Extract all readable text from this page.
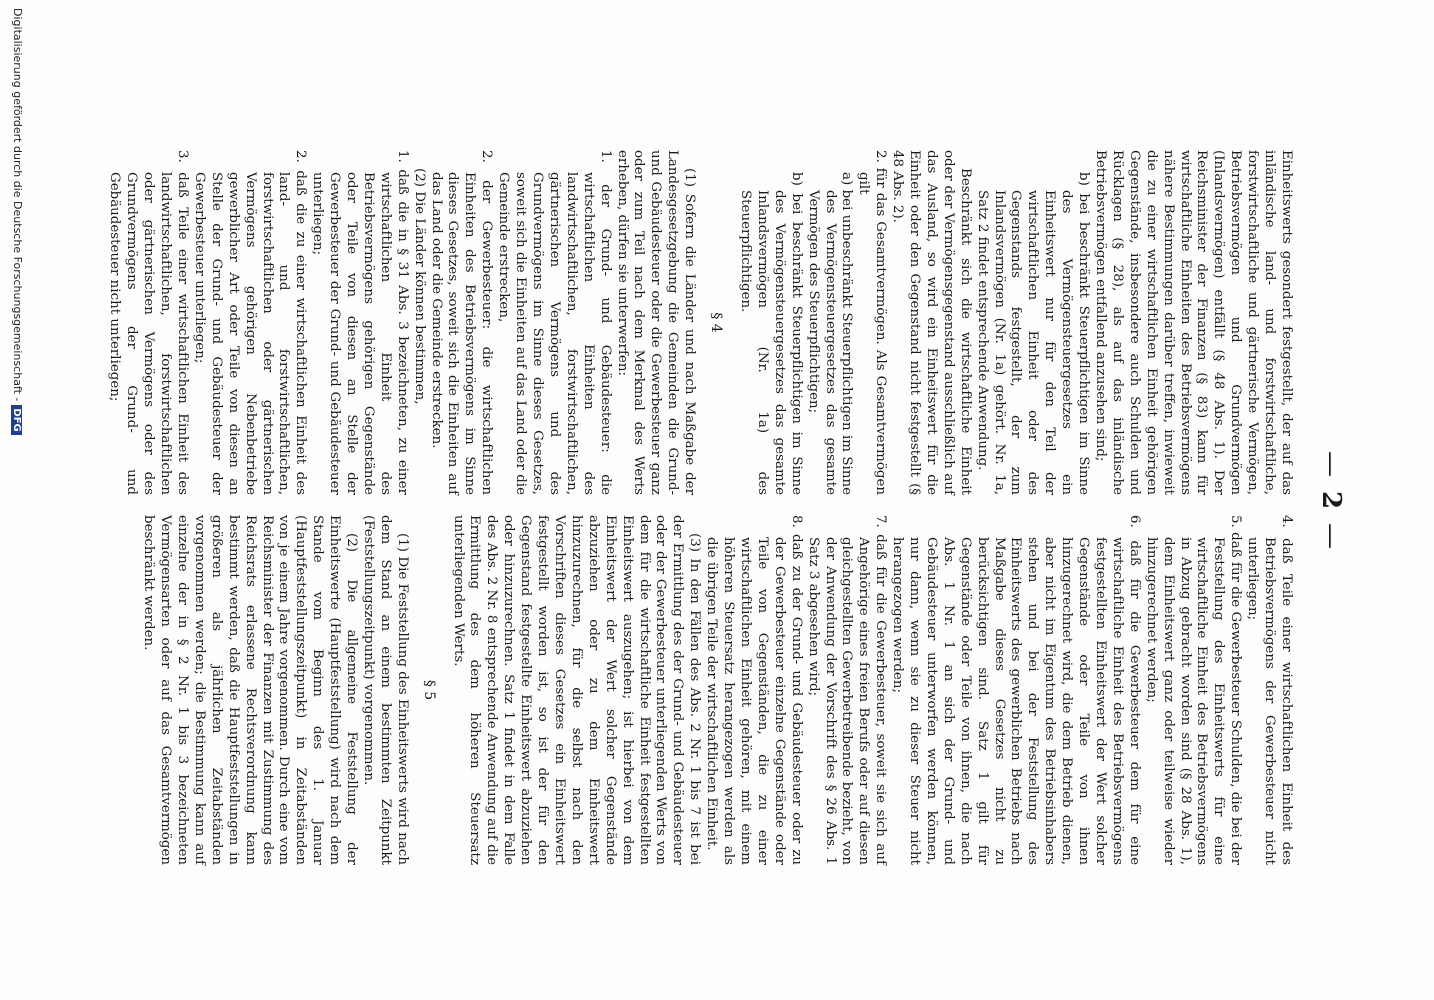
—2—

Einheitswerts gesondert festgestellt, der auf das inländische land- und forstwirtschaftliche, forstwirtschaftliche und gärtnerische Vermögen, Betriebsvermögen und Grundvermögen (Inlandsvermögen) entfällt (§ 48 Abs. 1). Der Reichsminister der Finanzen (§ 83) kann für wirtschaftliche Einheiten des Betriebsvermögens nähere Bestimmungen darüber treffen, inwieweit die zu einer wirtschaftlichen Einheit gehörigen Gegenstände, insbesondere auch Schulden und Rücklagen (§ 28), als auf das inländische Betriebsvermögen entfallend anzusehen sind;

b) bei beschränkt Steuerpflichtigen im Sinne des Vermögensteuergesetzes ein Einheitswert nur für den Teil der wirtschaftlichen Einheit oder des Gegenstands festgestellt, der zum Inlandsvermögen (Nr. 1a) gehört. Nr. 1a, Satz 2 findet entsprechende Anwendung.

Beschränkt sich die wirtschaftliche Einheit oder der Vermögensgegenstand ausschließlich auf das Ausland, so wird ein Einheitswert für die Einheit oder den Gegenstand nicht festgestellt (§ 48 Abs. 2).

2. für das Gesamtvermögen. Als Gesamtvermögen gilt

a) bei unbeschränkt Steuerpflichtigen im Sinne des Vermögensteuergesetzes das gesamte Vermögen des Steuerpflichtigen;

b) bei beschränkt Steuerpflichtigen im Sinne des Vermögensteuergesetzes das gesamte Inlandsvermögen (Nr. 1a) des Steuerpflichtigen.

§ 4

(1) Sofern die Länder und nach Maßgabe der Landesgesetzgebung die Gemeinden die Grund- und Gebäudesteuer oder die Gewerbesteuer ganz oder zum Teil nach dem Merkmal des Werts erheben, dürfen sie unterwerfen:

1. der Grund- und Gebäudesteuer: die wirtschaftlichen Einheiten des landwirtschaftlichen, forstwirtschaftlichen, gärtnerischen Vermögens und des Grundvermögens im Sinne dieses Gesetzes, soweit sich die Einheiten auf das Land oder die Gemeinde erstrecken,

2. der Gewerbesteuer: die wirtschaftlichen Einheiten des Betriebsvermögens im Sinne dieses Gesetzes, soweit sich die Einheiten auf das Land oder die Gemeinde erstrecken.

(2) Die Länder können bestimmen,

1. daß die in § 31 Abs. 3 bezeichneten, zu einer wirtschaftlichen Einheit des Betriebsvermögens gehörigen Gegenstände oder Teile von diesen an Stelle der Gewerbesteuer der Grund- und Gebäudesteuer unterliegen;

2. daß die zu einer wirtschaftlichen Einheit des land- und forstwirtschaftlichen, forstwirtschaftlichen oder gärtnerischen Vermögens gehörigen Nebenbetriebe gewerblicher Art oder Teile von diesen an Stelle der Grund- und Gebäudesteuer der Gewerbesteuer unterliegen;

3. daß Teile einer wirtschaftlichen Einheit des landwirtschaftlichen, forstwirtschaftlichen oder gärtnerischen Vermögens oder des Grundvermögens der Grund- und Gebäudesteuer nicht unterliegen;

4. daß Teile einer wirtschaftlichen Einheit des Betriebsvermögens der Gewerbesteuer nicht unterliegen;

5. daß für die Gewerbesteuer Schulden, die bei der Feststellung des Einheitswerts für eine wirtschaftliche Einheit des Betriebsvermögens in Abzug gebracht worden sind (§ 28 Abs. 1), dem Einheitswert ganz oder teilweise wieder hinzugerechnet werden;

6. daß für die Gewerbesteuer dem für eine wirtschaftliche Einheit des Betriebsvermögens festgestellten Einheitswert der Wert solcher Gegenstände oder Teile von ihnen hinzugerechnet wird, die dem Betrieb dienen, aber nicht im Eigentum des Betriebsinhabers stehen und bei der Feststellung des Einheitswerts des gewerblichen Betriebs nach Maßgabe dieses Gesetzes nicht zu berücksichtigen sind. Satz 1 gilt für Gegenstände oder Teile von ihnen, die nach Abs. 1 Nr. 1 an sich der Grund- und Gebäudesteuer unterworfen werden können, nur dann, wenn sie zu dieser Steuer nicht herangezogen werden;

7. daß für die Gewerbesteuer, soweit sie sich auf Angehörige eines freien Berufs oder auf diesen gleichgestellten Gewerbetreibende bezieht, von der Anwendung der Vorschrift des § 26 Abs. 1 Satz 3 abgesehen wird;

8. daß zu der Grund- und Gebäudesteuer oder zu der Gewerbesteuer einzelne Gegenstände oder Teile von Gegenständen, die zu einer wirtschaftlichen Einheit gehören, mit einem höheren Steuersatz herangezogen werden als die übrigen Teile der wirtschaftlichen Einheit.

(3) In den Fällen des Abs. 2 Nr. 1 bis 7 ist bei der Ermittlung des der Grund- und Gebäudesteuer oder der Gewerbesteuer unterliegenden Werts von dem für die wirtschaftliche Einheit festgestellten Einheitswert auszugehen; ist hierbei von dem Einheitswert der Wert solcher Gegenstände abzuziehen oder zu dem Einheitswert hinzuzurechnen, für die selbst nach den Vorschriften dieses Gesetzes ein Einheitswert festgestellt worden ist, so ist der für den Gegenstand festgestellte Einheitswert abzuziehen oder hinzuzurechnen. Satz 1 findet in dem Falle des Abs. 2 Nr. 8 entsprechende Anwendung auf die Ermittlung des dem höheren Steuersatz unterliegenden Werts.

§ 5

(1) Die Feststellung des Einheitswerts wird nach dem Stand an einem bestimmten Zeitpunkt (Feststellungszeitpunkt) vorgenommen.

(2) Die allgemeine Feststellung der Einheitswerte (Hauptfeststellung) wird nach dem Stande vom Beginn des 1. Januar (Hauptfeststellungszeitpunkt) in Zeitabständen von je einem Jahre vorgenommen. Durch eine vom Reichsminister der Finanzen mit Zustimmung des Reichsrats erlassene Rechtsverordnung kann bestimmt werden, daß die Hauptfeststellungen in größeren als jährlichen Zeitabständen vorgenommen werden; die Bestimmung kann auf einzelne der in § 2 Nr. 1 bis 3 bezeichneten Vermögensarten oder auf das Gesamtvermögen beschränkt werden.

Digitalisierung gefördert durch die Deutsche Forschungsgemeinschaft -DFG
